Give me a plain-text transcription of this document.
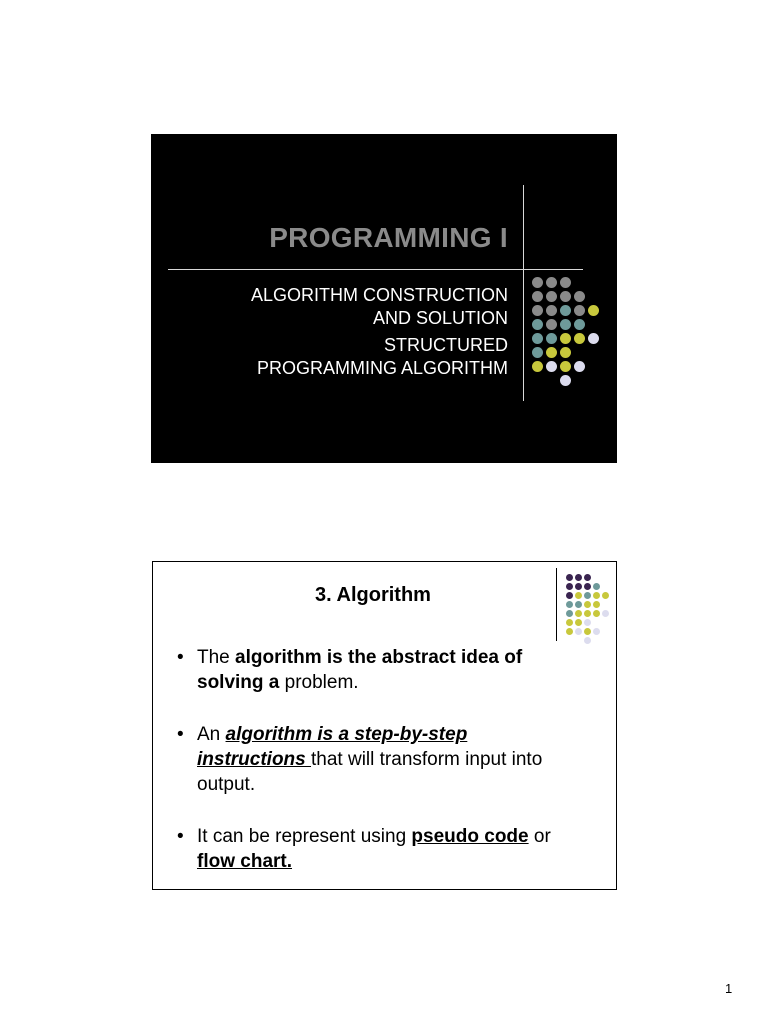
PROGRAMMING I
ALGORITHM CONSTRUCTION
AND SOLUTION
STRUCTURED
PROGRAMMING ALGORITHM
3. Algorithm
• The algorithm is the abstract idea of solving a problem.
• An algorithm is a step-by-step instructions that will transform input into output.
• It can be represent using pseudo code or flow chart.
1
